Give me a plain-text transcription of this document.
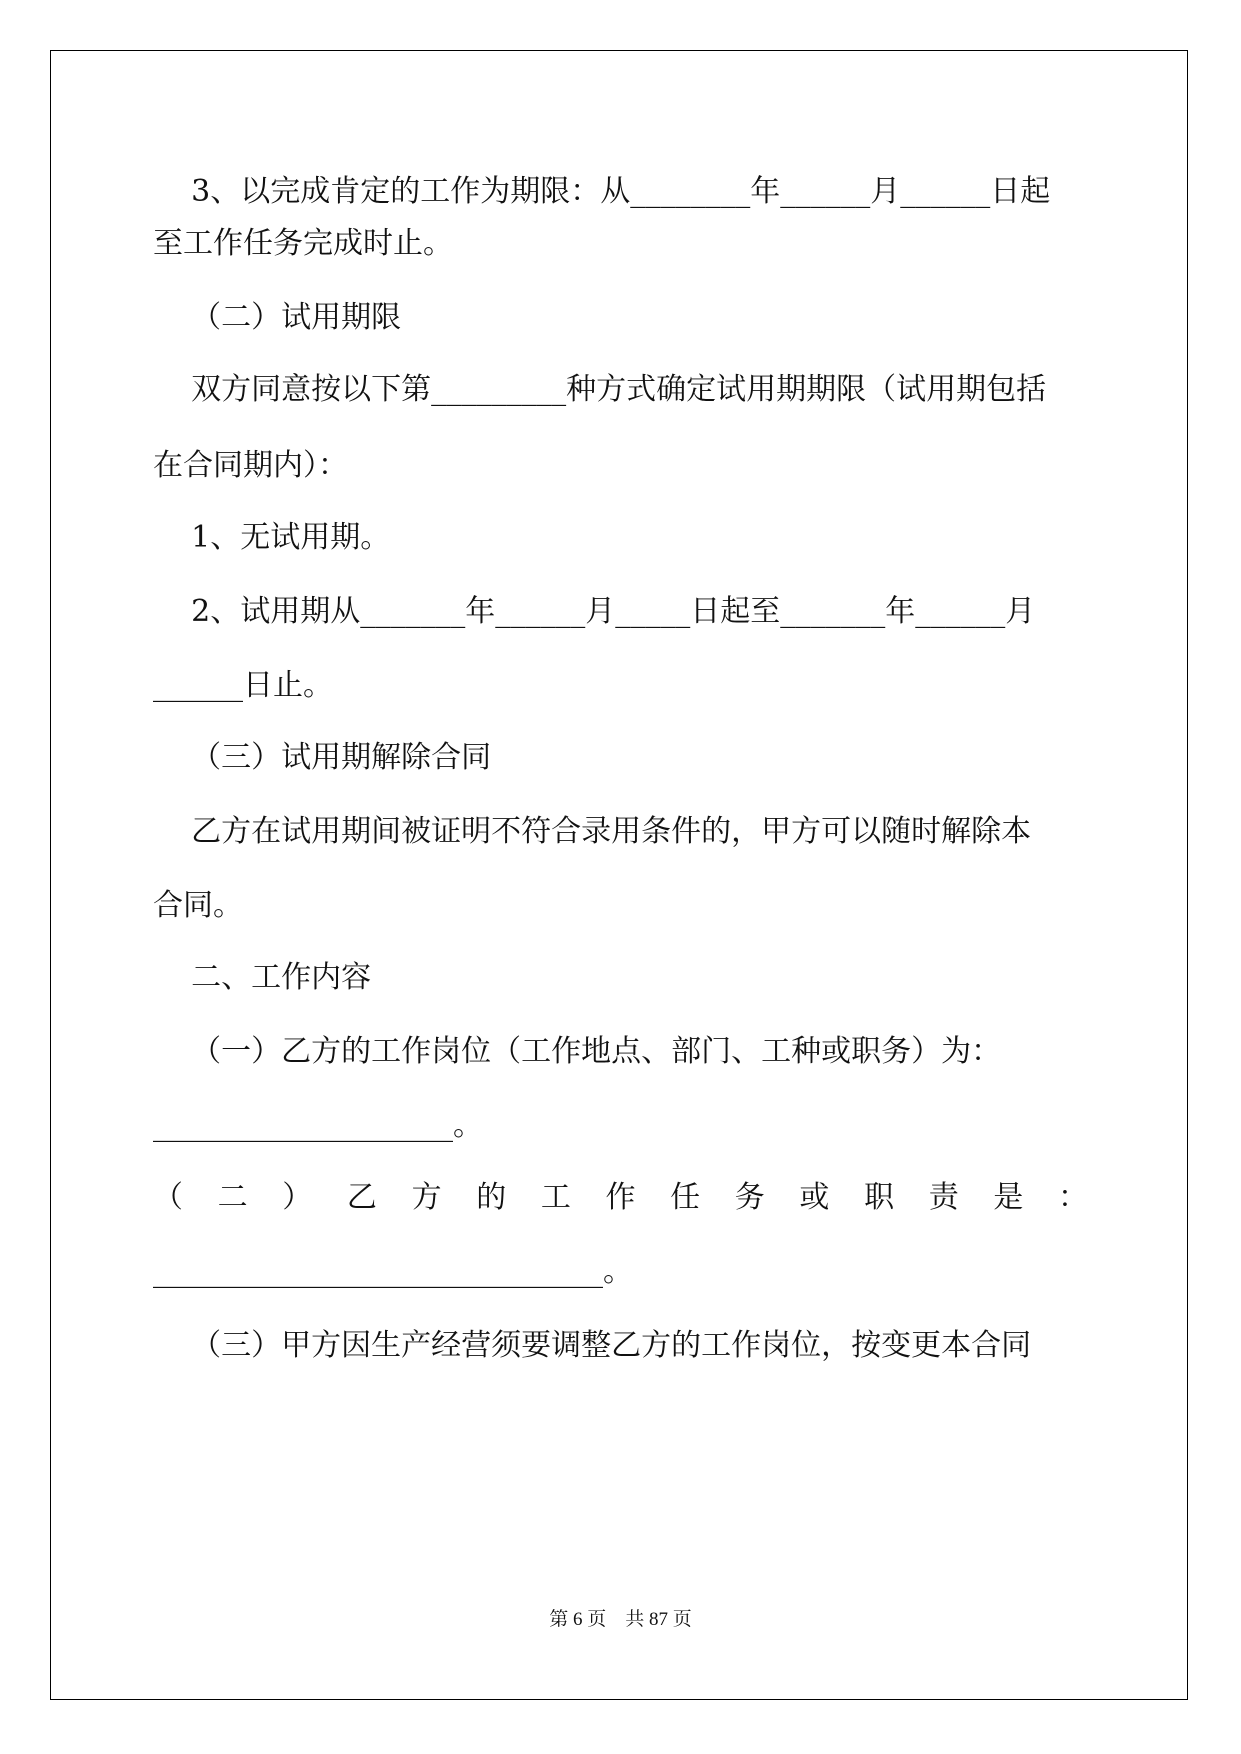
3、以完成肯定的工作为期限：从________年______月______日起
至工作任务完成时止。
（二）试用期限
双方同意按以下第_________种方式确定试用期期限（试用期包括
在合同期内）：
1、无试用期。
2、试用期从_______年______月_____日起至_______年______月
______日止。
（三）试用期解除合同
乙方在试用期间被证明不符合录用条件的，甲方可以随时解除本
合同。
二、工作内容
（一）乙方的工作岗位（工作地点、部门、工种或职务）为：
____________________。
（ 二 ） 乙 方 的 工 作 任 务 或 职 责 是 ：
______________________________。
（三）甲方因生产经营须要调整乙方的工作岗位，按变更本合同
第 6 页　共 87 页
